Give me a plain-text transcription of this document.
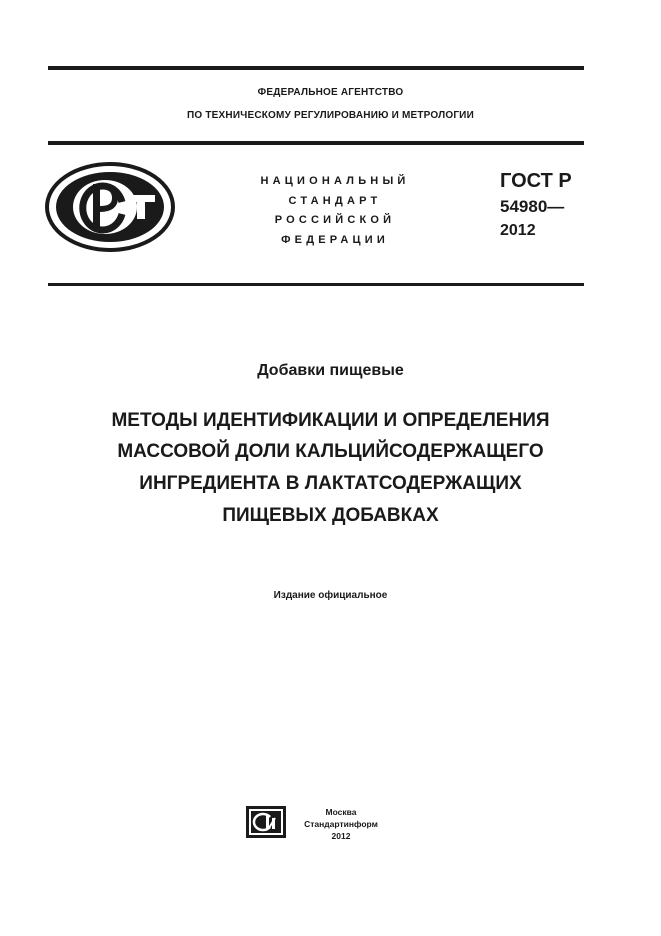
ФЕДЕРАЛЬНОЕ АГЕНТСТВО
ПО ТЕХНИЧЕСКОМУ РЕГУЛИРОВАНИЮ И МЕТРОЛОГИИ
НАЦИОНАЛЬНЫЙ
СТАНДАРТ
РОССИЙСКОЙ
ФЕДЕРАЦИИ
ГОСТ Р
54980—
2012
Добавки пищевые
МЕТОДЫ ИДЕНТИФИКАЦИИ И ОПРЕДЕЛЕНИЯ
МАССОВОЙ ДОЛИ КАЛЬЦИЙСОДЕРЖАЩЕГО
ИНГРЕДИЕНТА В ЛАКТАТСОДЕРЖАЩИХ
ПИЩЕВЫХ ДОБАВКАХ
Издание официальное
Москва
Стандартинформ
2012
